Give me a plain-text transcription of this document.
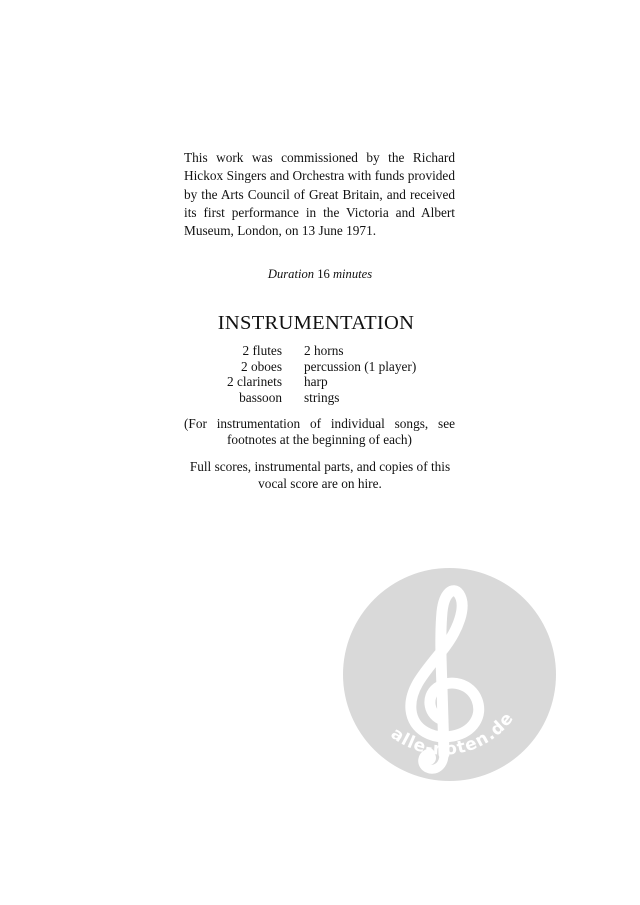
This work was commissioned by the Richard Hickox Singers and Orchestra with funds provided by the Arts Council of Great Britain, and received its first performance in the Victoria and Albert Museum, London, on 13 June 1971.

Duration 16 minutes
INSTRUMENTATION
2 flutes	2 horns
2 oboes	percussion (1 player)
2 clarinets	harp
bassoon	strings

(For instrumentation of individual songs, see footnotes at the beginning of each)

Full scores, instrumental parts, and copies of this vocal score are on hire.

alle-noten.de
